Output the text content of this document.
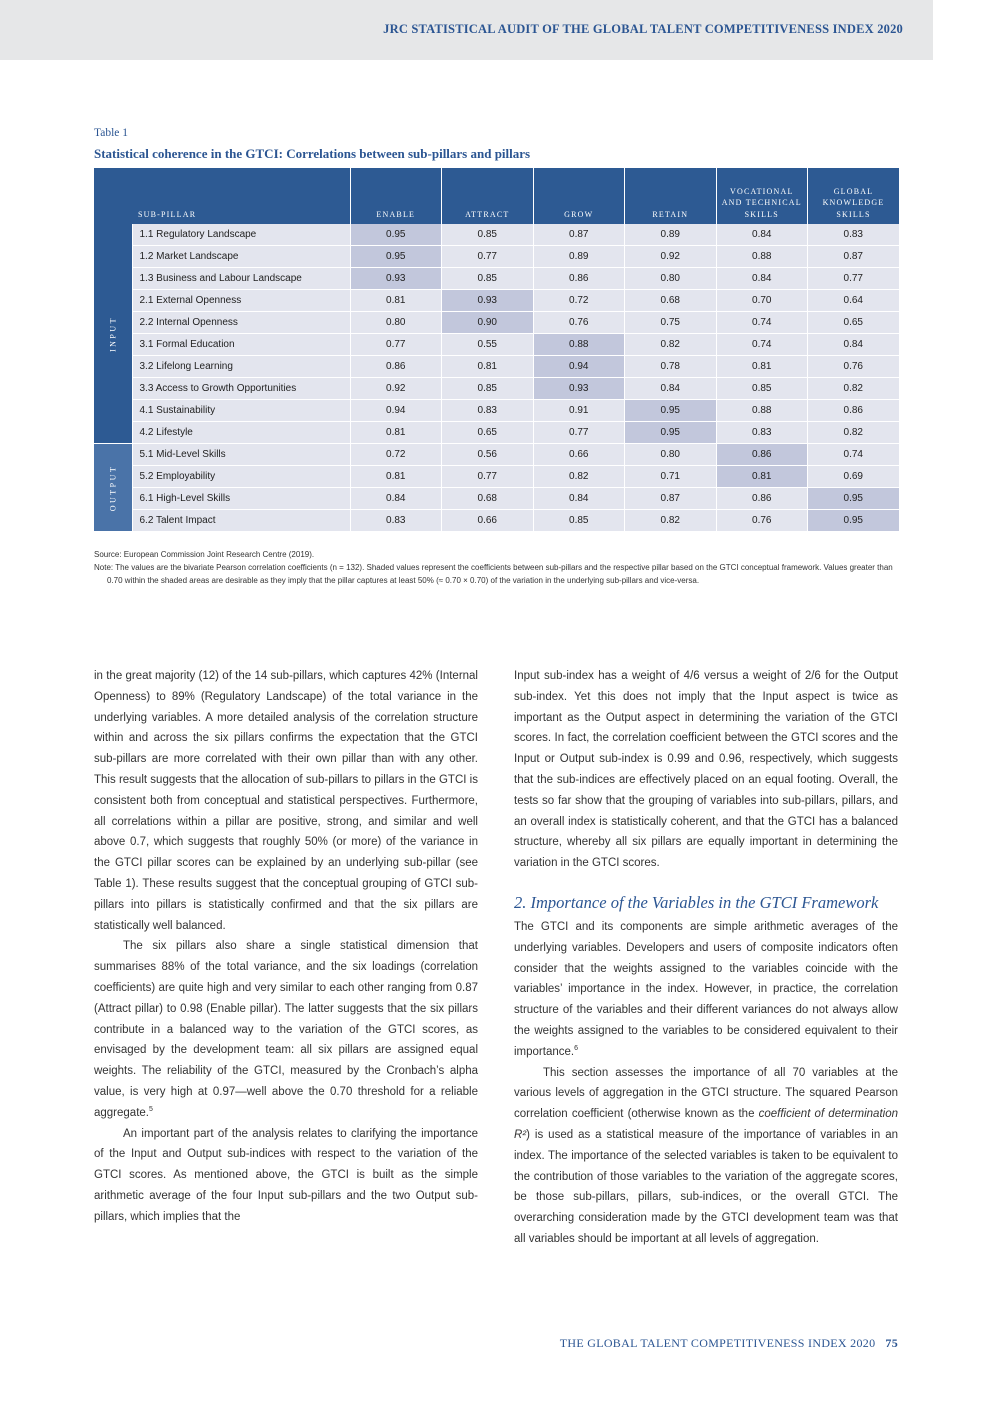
JRC STATISTICAL AUDIT OF THE GLOBAL TALENT COMPETITIVENESS INDEX 2020
Table 1
Statistical coherence in the GTCI: Correlations between sub-pillars and pillars
SUB-PILLAR		ENABLE	ATTRACT	GROW	RETAIN	VOCATIONAL AND TECHNICAL SKILLS	GLOBAL KNOWLEDGE SKILLS

INPUT	1.1 Regulatory Landscape	0.95	0.85	0.87	0.89	0.84	0.83
	1.2 Market Landscape	0.95	0.77	0.89	0.92	0.88	0.87
	1.3 Business and Labour Landscape	0.93	0.85	0.86	0.80	0.84	0.77
	2.1 External Openness	0.81	0.93	0.72	0.68	0.70	0.64
	2.2 Internal Openness	0.80	0.90	0.76	0.75	0.74	0.65
	3.1 Formal Education	0.77	0.55	0.88	0.82	0.74	0.84
	3.2 Lifelong Learning	0.86	0.81	0.94	0.78	0.81	0.76
	3.3 Access to Growth Opportunities	0.92	0.85	0.93	0.84	0.85	0.82
	4.1 Sustainability	0.94	0.83	0.91	0.95	0.88	0.86
	4.2 Lifestyle	0.81	0.65	0.77	0.95	0.83	0.82

OUTPUT	5.1 Mid-Level Skills	0.72	0.56	0.66	0.80	0.86	0.74
	5.2 Employability	0.81	0.77	0.82	0.71	0.81	0.69
	6.1 High-Level Skills	0.84	0.68	0.84	0.87	0.86	0.95
	6.2 Talent Impact	0.83	0.66	0.85	0.82	0.76	0.95

Source: European Commission Joint Research Centre (2019).

Note: The values are the bivariate Pearson correlation coefficients (n = 132). Shaded values represent the coefficients between sub-pillars and the respective pillar based on the GTCI conceptual framework. Values greater than 0.70 within the shaded areas are desirable as they imply that the pillar captures at least 50% (≈ 0.70 × 0.70) of the variation in the underlying sub-pillars and vice-versa.

in the great majority (12) of the 14 sub-pillars, which captures 42% (Internal Openness) to 89% (Regulatory Landscape) of the total variance in the underlying variables. A more detailed analysis of the correlation structure within and across the six pillars confirms the expectation that the GTCI sub-pillars are more correlated with their own pillar than with any other. This result suggests that the allocation of sub-pillars to pillars in the GTCI is consistent both from conceptual and statistical perspectives. Furthermore, all correlations within a pillar are positive, strong, and similar and well above 0.7, which suggests that roughly 50% (or more) of the variance in the GTCI pillar scores can be explained by an underlying sub-pillar (see Table 1). These results suggest that the conceptual grouping of GTCI sub-pillars into pillars is statistically confirmed and that the six pillars are statistically well balanced.

The six pillars also share a single statistical dimension that summarises 88% of the total variance, and the six loadings (correlation coefficients) are quite high and very similar to each other ranging from 0.87 (Attract pillar) to 0.98 (Enable pillar). The latter suggests that the six pillars contribute in a balanced way to the variation of the GTCI scores, as envisaged by the development team: all six pillars are assigned equal weights. The reliability of the GTCI, measured by the Cronbach’s alpha value, is very high at 0.97—well above the 0.70 threshold for a reliable aggregate.$^5$

An important part of the analysis relates to clarifying the importance of the Input and Output sub-indices with respect to the variation of the GTCI scores. As mentioned above, the GTCI is built as the simple arithmetic average of the four Input sub-pillars and the two Output sub-pillars, which implies that the

Input sub-index has a weight of 4/6 versus a weight of 2/6 for the Output sub-index. Yet this does not imply that the Input aspect is twice as important as the Output aspect in determining the variation of the GTCI scores. In fact, the correlation coefficient between the GTCI scores and the Input or Output sub-index is 0.99 and 0.96, respectively, which suggests that the sub-indices are effectively placed on an equal footing. Overall, the tests so far show that the grouping of variables into sub-pillars, pillars, and an overall index is statistically coherent, and that the GTCI has a balanced structure, whereby all six pillars are equally important in determining the variation in the GTCI scores.

2. Importance of the Variables in the GTCI Framework

The GTCI and its components are simple arithmetic averages of the underlying variables. Developers and users of composite indicators often consider that the weights assigned to the variables coincide with the variables’ importance in the index. However, in practice, the correlation structure of the variables and their different variances do not always allow the weights assigned to the variables to be considered equivalent to their importance.$^6$

This section assesses the importance of all 70 variables at the various levels of aggregation in the GTCI structure. The squared Pearson correlation coefficient (otherwise known as the coefficient of determination R²) is used as a statistical measure of the importance of variables in an index. The importance of the selected variables is taken to be equivalent to the contribution of those variables to the variation of the aggregate scores, be those sub-pillars, pillars, sub-indices, or the overall GTCI. The overarching consideration made by the GTCI development team was that all variables should be important at all levels of aggregation.

THE GLOBAL TALENT COMPETITIVENESS INDEX 2020 75
